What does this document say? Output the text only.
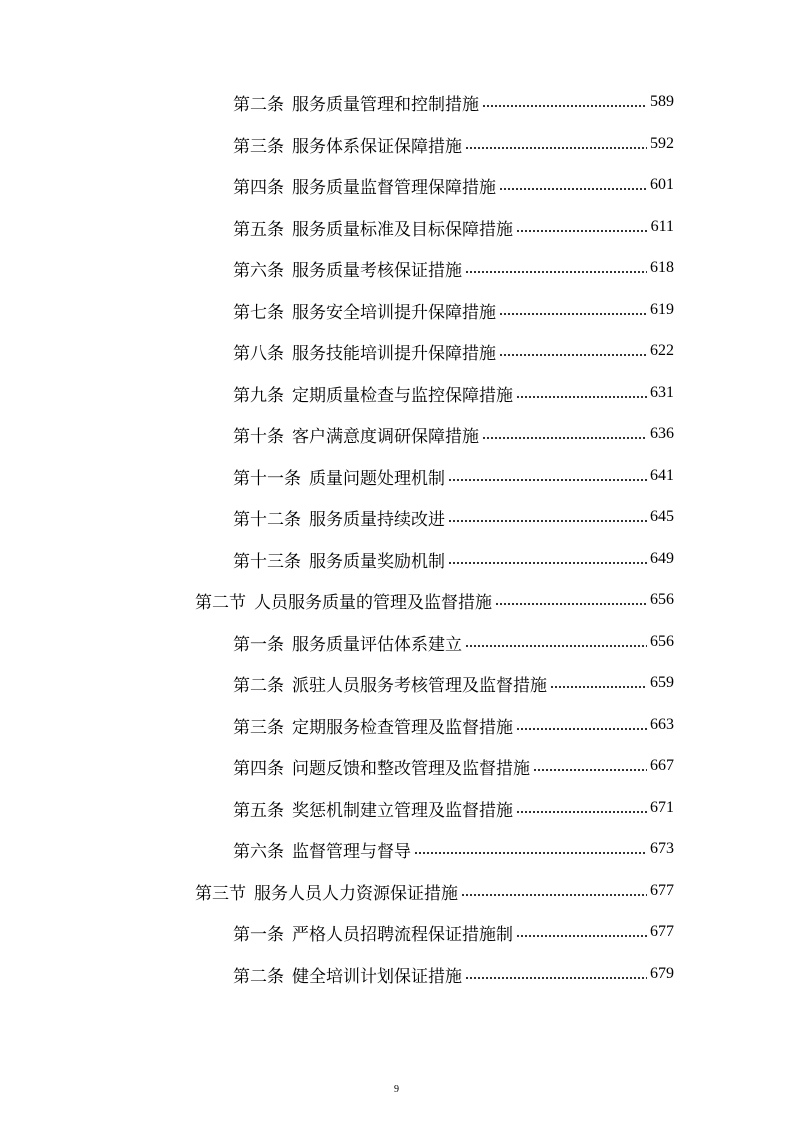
第二条 服务质量管理和控制措施	589
第三条 服务体系保证保障措施	592
第四条 服务质量监督管理保障措施	601
第五条 服务质量标准及目标保障措施	611
第六条 服务质量考核保证措施	618
第七条 服务安全培训提升保障措施	619
第八条 服务技能培训提升保障措施	622
第九条 定期质量检查与监控保障措施	631
第十条 客户满意度调研保障措施	636
第十一条 质量问题处理机制	641
第十二条 服务质量持续改进	645
第十三条 服务质量奖励机制	649
第二节 人员服务质量的管理及监督措施	656
第一条 服务质量评估体系建立	656
第二条 派驻人员服务考核管理及监督措施	659
第三条 定期服务检查管理及监督措施	663
第四条 问题反馈和整改管理及监督措施	667
第五条 奖惩机制建立管理及监督措施	671
第六条 监督管理与督导	673
第三节 服务人员人力资源保证措施	677
第一条 严格人员招聘流程保证措施制	677
第二条 健全培训计划保证措施	679
9
